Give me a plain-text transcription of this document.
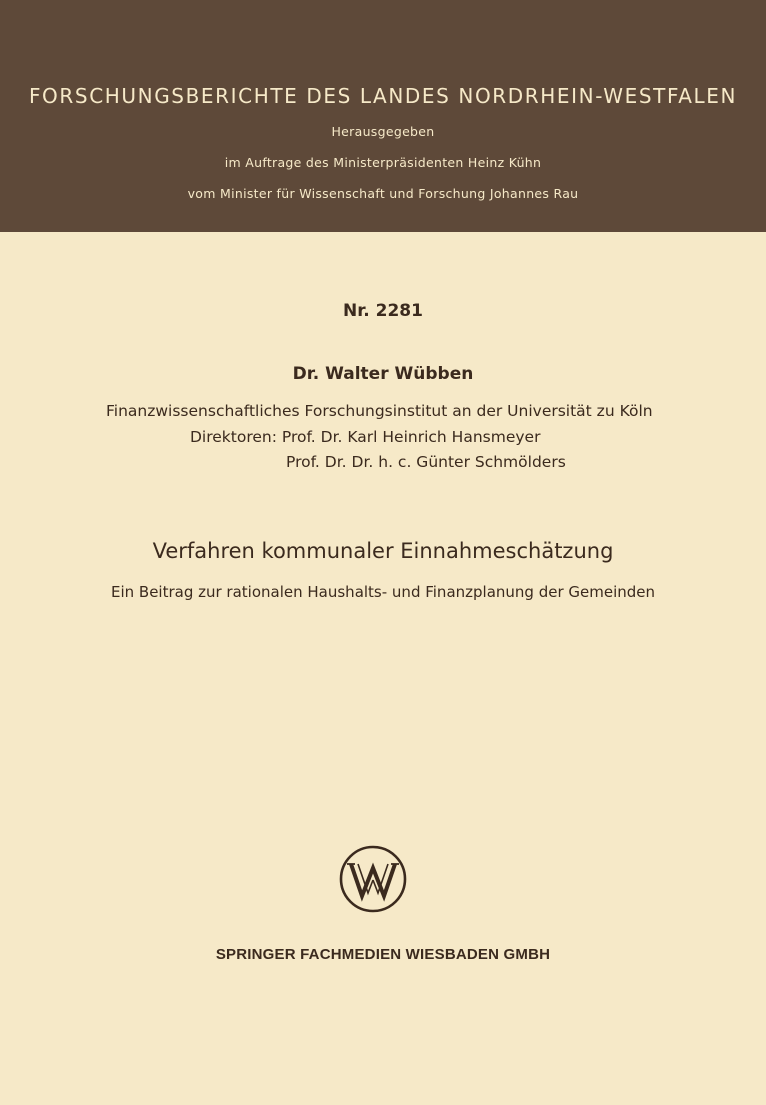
FORSCHUNGSBERICHTE DES LANDES NORDRHEIN-WESTFALEN
Herausgegeben
im Auftrage des Ministerpräsidenten Heinz Kühn
vom Minister für Wissenschaft und Forschung Johannes Rau
Nr. 2281
Dr. Walter Wübben
Finanzwissenschaftliches Forschungsinstitut an der Universität zu Köln
Direktoren: Prof. Dr. Karl Heinrich Hansmeyer
Prof. Dr. Dr. h. c. Günter Schmölders
Verfahren kommunaler Einnahmeschätzung
Ein Beitrag zur rationalen Haushalts- und Finanzplanung der Gemeinden
SPRINGER FACHMEDIEN WIESBADEN GMBH
